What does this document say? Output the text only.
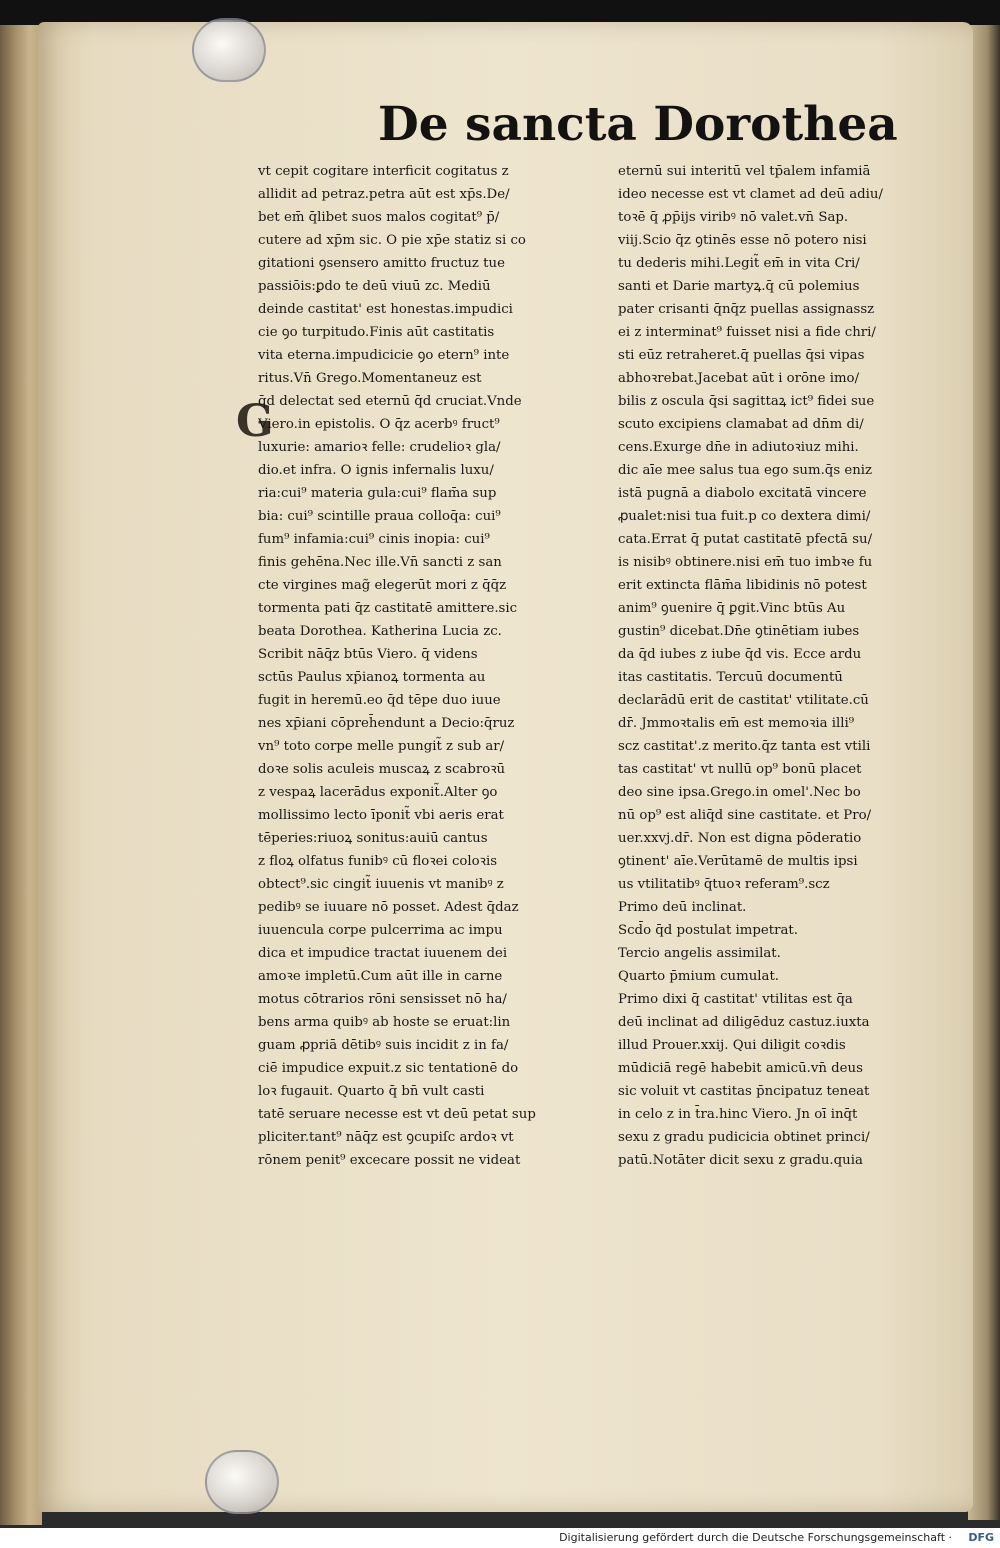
De sancta Dorothea
G
vt cepit cogitare interficit cogitatus z
allidit ad petraz.petra aūt est xp̄s.De/
bet em̄ q̄libet suos malos cogitat⁹ p̄/
cutere ad xp̄m sic. O pie xp̄e statiz si co
gitationi ꝯsensero amitto fructuz tue
passiōis:ꝑdo te deū viuū zc. Mediū
deinde castitat' est honestas.impudici
cie ꝯo turpitudo.Finis aūt castitatis
vita eterna.impudicicie ꝯo etern⁹ inte
ritus.Vn̄ Grego.Momentaneuz est
q̄d delectat sed eternū q̄d cruciat.Vnde
Viero.in epistolis. O q̄z acerbꝰ fruct⁹
luxurie: amarioꝛ felle: crudelioꝛ gla/
dio.et infra. O ignis infernalis luxu/
ria:cui⁹ materia gula:cui⁹ flam̄a sup
bia: cui⁹ scintille praua colloq̄a: cui⁹
fum⁹ infamia:cui⁹ cinis inopia: cui⁹
finis gehēna.Nec ille.Vn̄ sancti z san
cte virgines mag̃ elegerūt mori z q̄q̄z
tormenta pati q̄z castitatē amittere.sic
beata Dorothea. Katherina Lucia zc.
Scribit nāq̄z btūs Viero. q̄ videns
sctūs Paulus xp̄ianoꝝ tormenta au
fugit in heremū.eo q̄d tēpe duo iuue
nes xp̄iani cōpreh̄endunt a Decio:q̄ruz
vn⁹ toto corpe melle pungit̃ z sub ar/
doꝛe solis aculeis muscaꝝ z scabroꝛū
z vespaꝝ lacerādus exponit̃.Alter ꝯo
mollissimo lecto īponit̃ vbi aeris erat
tēperies:riuoꝝ sonitus:auiū cantus
z floꝝ olfatus funibꝰ cū floꝛei coloꝛis
obtect⁹.sic cingit̃ iuuenis vt manibꝰ z
pedibꝰ se iuuare nō posset. Adest q̄daz
iuuencula corpe pulcerrima ac impu
dica et impudice tractat iuuenem dei
amoꝛe impletū.Cum aūt ille in carne
motus cōtrarios rōni sensisset nō ha/
bens arma quibꝰ ab hoste se eruat:lin
guam ꝓpriā dētibꝰ suis incidit z in fa/
ciē impudice expuit.z sic tentationē do
loꝛ fugauit. Quarto q̄ bn̄ vult casti
tatē seruare necesse est vt deū petat sup
pliciter.tant⁹ nāq̄z est ꝯcupiſc ardoꝛ vt
rōnem penit⁹ excecare possit ne videat
eternū sui interitū vel tp̄alem infamiā
ideo necesse est vt clamet ad deū adiu/
toꝛē q̄ ꝓp̄ijs viribꝰ nō valet.vn̄ Sap.
viij.Scio q̄z ꝯtinēs esse nō potero nisi
tu dederis mihi.Legit̃ em̄ in vita Cri/
santi et Darie martyꝝ.q̄ cū polemius
pater crisanti q̄nq̄z puellas assignassz
ei z interminat⁹ fuisset nisi a fide chri/
sti eūz retraheret.q̄ puellas q̄si vipas
abhoꝛrebat.Jacebat aūt i orōne imo/
bilis z oscula q̄si sagittaꝝ ict⁹ fidei sue
scuto excipiens clamabat ad dn̄m di/
cens.Exurge dn̄e in adiutoꝛiuz mihi.
dic aīe mee salus tua ego sum.q̄s eniz
istā pugnā a diabolo excitatā vincere
ꝓualet:nisi tua fuit.p co dextera dimi/
cata.Errat q̄ putat castitatē pfectā su/
is nisibꝰ obtinere.nisi em̄ tuo imbꝛe fu
erit extincta flām̄a libidinis nō potest
anim⁹ ꝯuenire q̄ ꝑgit.Vinc btūs Au
gustin⁹ dicebat.Dn̄e ꝯtinētiam iubes
da q̄d iubes z iube q̄d vis. Ecce ardu
itas castitatis. Tercuū documentū
declarādū erit de castitat' vtilitate.cū
dr̄. Jmmoꝛtalis em̄ est memoꝛia illi⁹
scz castitat'.z merito.q̄z tanta est vtili
tas castitat' vt nullū op⁹ bonū placet
deo sine ipsa.Grego.in omel'.Nec bo
nū op⁹ est aliq̄d sine castitate. et Pro/
uer.xxvj.dr̄. Non est digna pōderatio
ꝯtinent' aīe.Verūtamē de multis ipsi
us vtilitatibꝰ q̄tuoꝛ referam⁹.scz
Primo deū inclinat.
Scd̄o q̄d postulat impetrat.
Tercio angelis assimilat.
Quarto p̄mium cumulat.
Primo dixi q̄ castitat' vtilitas est q̄a
deū inclinat ad diligēduz castuz.iuxta
illud Prouer.xxij. Qui diligit coꝛdis
mūdiciā regē habebit amicū.vn̄ deus
sic voluit vt castitas p̄ncipatuz teneat
in celo z in t̄ra.hinc Viero. Jn oī inq̄t
sexu z gradu pudicicia obtinet princi/
patū.Notāter dicit sexu z gradu.quia
Digitalisierung gefördert durch die Deutsche Forschungsgemeinschaft · DFG
